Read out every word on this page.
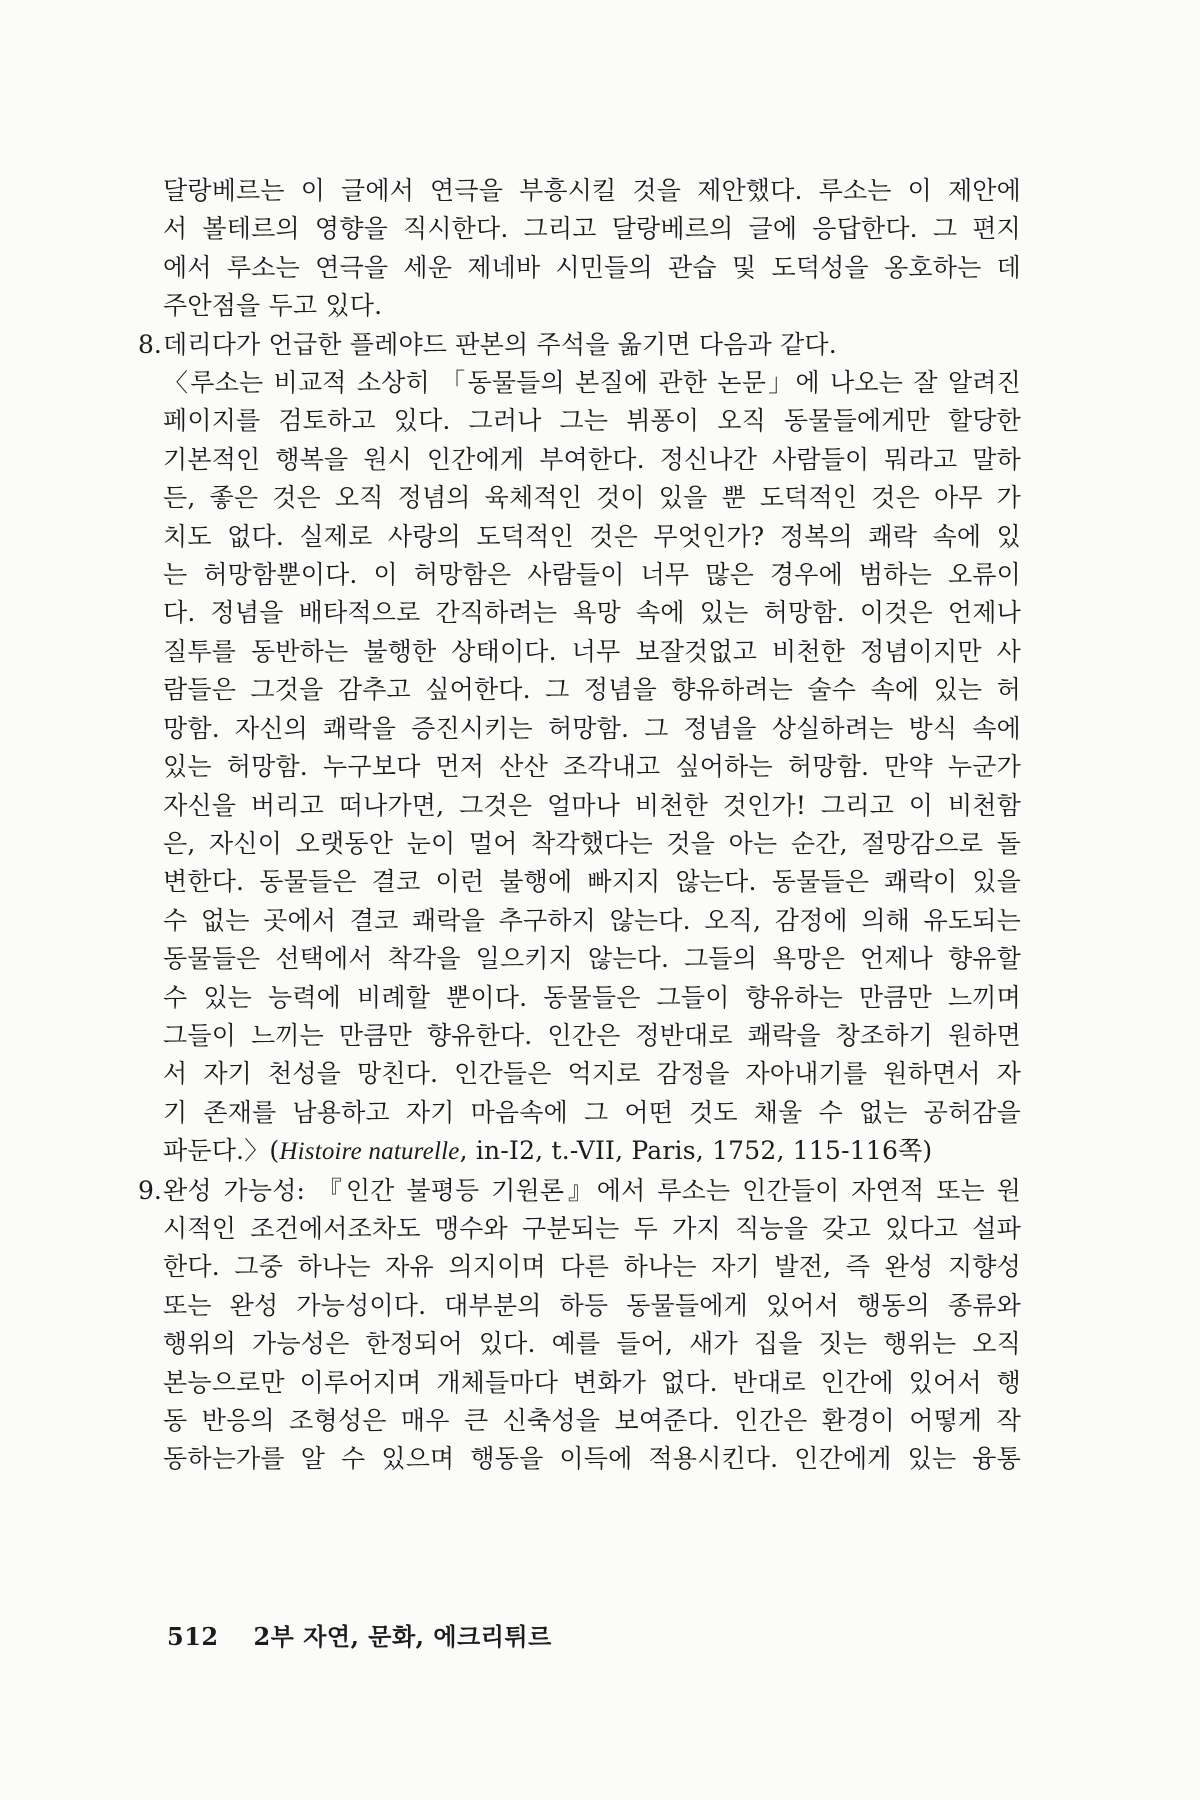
달랑베르는 이 글에서 연극을 부흥시킬 것을 제안했다. 루소는 이 제안에
서 볼테르의 영향을 직시한다. 그리고 달랑베르의 글에 응답한다. 그 편지
에서 루소는 연극을 세운 제네바 시민들의 관습 및 도덕성을 옹호하는 데
주안점을 두고 있다.

8. 데리다가 언급한 플레야드 판본의 주석을 옮기면 다음과 같다.

〈루소는 비교적 소상히 「동물들의 본질에 관한 논문」에 나오는 잘 알려진
페이지를 검토하고 있다. 그러나 그는 뷔퐁이 오직 동물들에게만 할당한
기본적인 행복을 원시 인간에게 부여한다. 정신나간 사람들이 뭐라고 말하
든, 좋은 것은 오직 정념의 육체적인 것이 있을 뿐 도덕적인 것은 아무 가
치도 없다. 실제로 사랑의 도덕적인 것은 무엇인가? 정복의 쾌락 속에 있
는 허망함뿐이다. 이 허망함은 사람들이 너무 많은 경우에 범하는 오류이
다. 정념을 배타적으로 간직하려는 욕망 속에 있는 허망함. 이것은 언제나
질투를 동반하는 불행한 상태이다. 너무 보잘것없고 비천한 정념이지만 사
람들은 그것을 감추고 싶어한다. 그 정념을 향유하려는 술수 속에 있는 허
망함. 자신의 쾌락을 증진시키는 허망함. 그 정념을 상실하려는 방식 속에
있는 허망함. 누구보다 먼저 산산 조각내고 싶어하는 허망함. 만약 누군가
자신을 버리고 떠나가면, 그것은 얼마나 비천한 것인가! 그리고 이 비천함
은, 자신이 오랫동안 눈이 멀어 착각했다는 것을 아는 순간, 절망감으로 돌
변한다. 동물들은 결코 이런 불행에 빠지지 않는다. 동물들은 쾌락이 있을
수 없는 곳에서 결코 쾌락을 추구하지 않는다. 오직, 감정에 의해 유도되는
동물들은 선택에서 착각을 일으키지 않는다. 그들의 욕망은 언제나 향유할
수 있는 능력에 비례할 뿐이다. 동물들은 그들이 향유하는 만큼만 느끼며
그들이 느끼는 만큼만 향유한다. 인간은 정반대로 쾌락을 창조하기 원하면
서 자기 천성을 망친다. 인간들은 억지로 감정을 자아내기를 원하면서 자
기 존재를 남용하고 자기 마음속에 그 어떤 것도 채울 수 없는 공허감을
파둔다.〉(Histoire naturelle, in-I2, t.-VII, Paris, 1752, 115-116쪽)

9. 완성 가능성: 『인간 불평등 기원론』에서 루소는 인간들이 자연적 또는 원
시적인 조건에서조차도 맹수와 구분되는 두 가지 직능을 갖고 있다고 설파
한다. 그중 하나는 자유 의지이며 다른 하나는 자기 발전, 즉 완성 지향성
또는 완성 가능성이다. 대부분의 하등 동물들에게 있어서 행동의 종류와
행위의 가능성은 한정되어 있다. 예를 들어, 새가 집을 짓는 행위는 오직
본능으로만 이루어지며 개체들마다 변화가 없다. 반대로 인간에 있어서 행
동 반응의 조형성은 매우 큰 신축성을 보여준다. 인간은 환경이 어떻게 작
동하는가를 알 수 있으며 행동을 이득에 적용시킨다. 인간에게 있는 융통

512 2부 자연, 문화, 에크리튀르
